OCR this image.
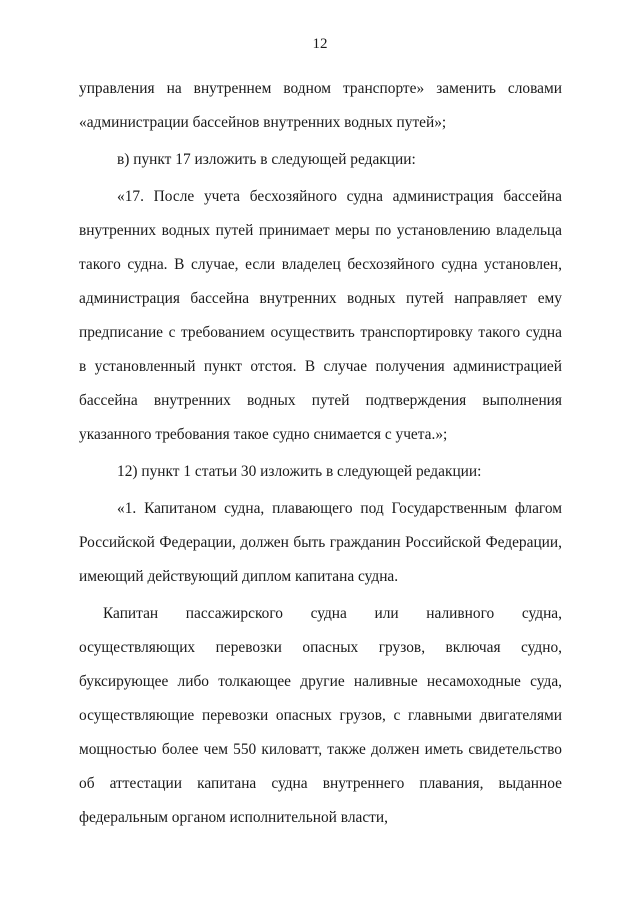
12

управления на внутреннем водном транспорте» заменить словами «администрации бассейнов внутренних водных путей»;

в) пункт 17 изложить в следующей редакции:

«17. После учета бесхозяйного судна администрация бассейна внутренних водных путей принимает меры по установлению владельца такого судна. В случае, если владелец бесхозяйного судна установлен, администрация бассейна внутренних водных путей направляет ему предписание с требованием осуществить транспортировку такого судна в установленный пункт отстоя. В случае получения администрацией бассейна внутренних водных путей подтверждения выполнения указанного требования такое судно снимается с учета.»;

12) пункт 1 статьи 30 изложить в следующей редакции:

«1. Капитаном судна, плавающего под Государственным флагом Российской Федерации, должен быть гражданин Российской Федерации, имеющий действующий диплом капитана судна.

Капитан пассажирского судна или наливного судна, осуществляющих перевозки опасных грузов, включая судно, буксирующее либо толкающее другие наливные несамоходные суда, осуществляющие перевозки опасных грузов, с главными двигателями мощностью более чем 550 киловатт, также должен иметь свидетельство об аттестации капитана судна внутреннего плавания, выданное федеральным органом исполнительной власти,
